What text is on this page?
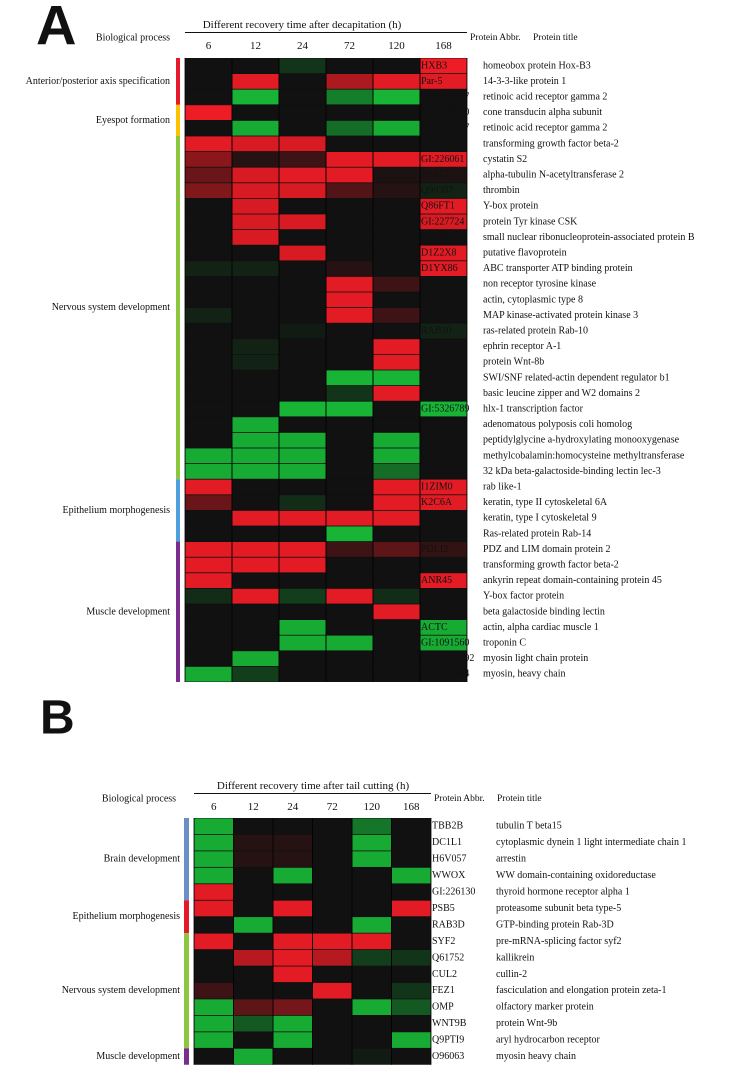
A Biological process
Different recovery time after decapitation (h)
6	12	24	72	120	168
Protein Abbr. Protein title
HXB3	homeobox protein Hox-B3
Par-5	14-3-3-like protein 1
GI:8895467 retinoic acid receptor gamma 2
GI:3789980 cone transducin alpha subunit
GI:8895467 retinoic acid receptor gamma 2
TGFB2	transforming growth factor beta-2
GI:226061 cystatin S2
ATAT2	alpha-tubulin N-acetyltransferase 2
Q90387	thrombin
Q86FT1	Y-box protein
GI:227724 protein Tyr kinase CSK
RSMB	small nuclear ribonucleoprotein-associated protein B
D1Z2X8	putative flavoprotein
D1YX86	ABC transporter ATP binding protein
O76158	non receptor tyrosine kinase
ACT8	actin, cytoplasmic type 8
MAPK3	MAP kinase-activated protein kinase 3
RAB10	ras-related protein Rab-10
I1ZIB3	ephrin receptor A-1
WNT8B	protein Wnt-8b
SNF5	SWI/SNF related-actin dependent regulator b1
BZW2	basic leucine zipper and W2 domains 2
GI:5326789 hlx-1 transcription factor
APC	adenomatous polyposis coli homolog
Q4W7B5 peptidylglycine a-hydroxylating monooxygenase
D1YYA9 methylcobalamin:homocysteine methyltransferase
LEC3	32 kDa beta-galactoside-binding lectin lec-3
I1ZIM0	rab like-1
K2C6A	keratin, type II cytoskeletal 6A
K1C9	keratin, type I cytoskeletal 9
RAB14	Ras-related protein Rab-14
PDLI2	PDZ and LIM domain protein 2
TGFB2	transforming growth factor beta-2
ANR45	ankyrin repeat domain-containing protein 45
A4V6J7	Y-box factor protein
GI:361563 beta galactoside binding lectin
ACTC	actin, alpha cardiac muscle 1
GI:1091560 troponin C
GI:31367792 myosin light chain protein
GI:1587644 myosin, heavy chain
Anterior/posterior axis specification
Eyespot formation
Nervous system development
Epithelium morphogenesis
Muscle development
B
Biological process
Different recovery time after tail cutting (h)
6	12	24	72 120 168
Protein Abbr. Protein title
TBB2B	tubulin T beta15
DC1L1	cytoplasmic dynein 1 light intermediate chain 1
H6V057	arrestin
WWOX	WW domain-containing oxidoreductase
GI:226130 thyroid hormone receptor alpha 1
PSB5	proteasome subunit beta type-5
RAB3D	GTP-binding protein Rab-3D
SYF2	pre-mRNA-splicing factor syf2
Q61752	kallikrein
CUL2	cullin-2
FEZ1	fasciculation and elongation protein zeta-1
OMP	olfactory marker protein
WNT9B	protein Wnt-9b
Q9PTI9	aryl hydrocarbon receptor
O96063	myosin heavy chain
Brain development
Epithelium morphogenesis
Nervous system development
Muscle development
